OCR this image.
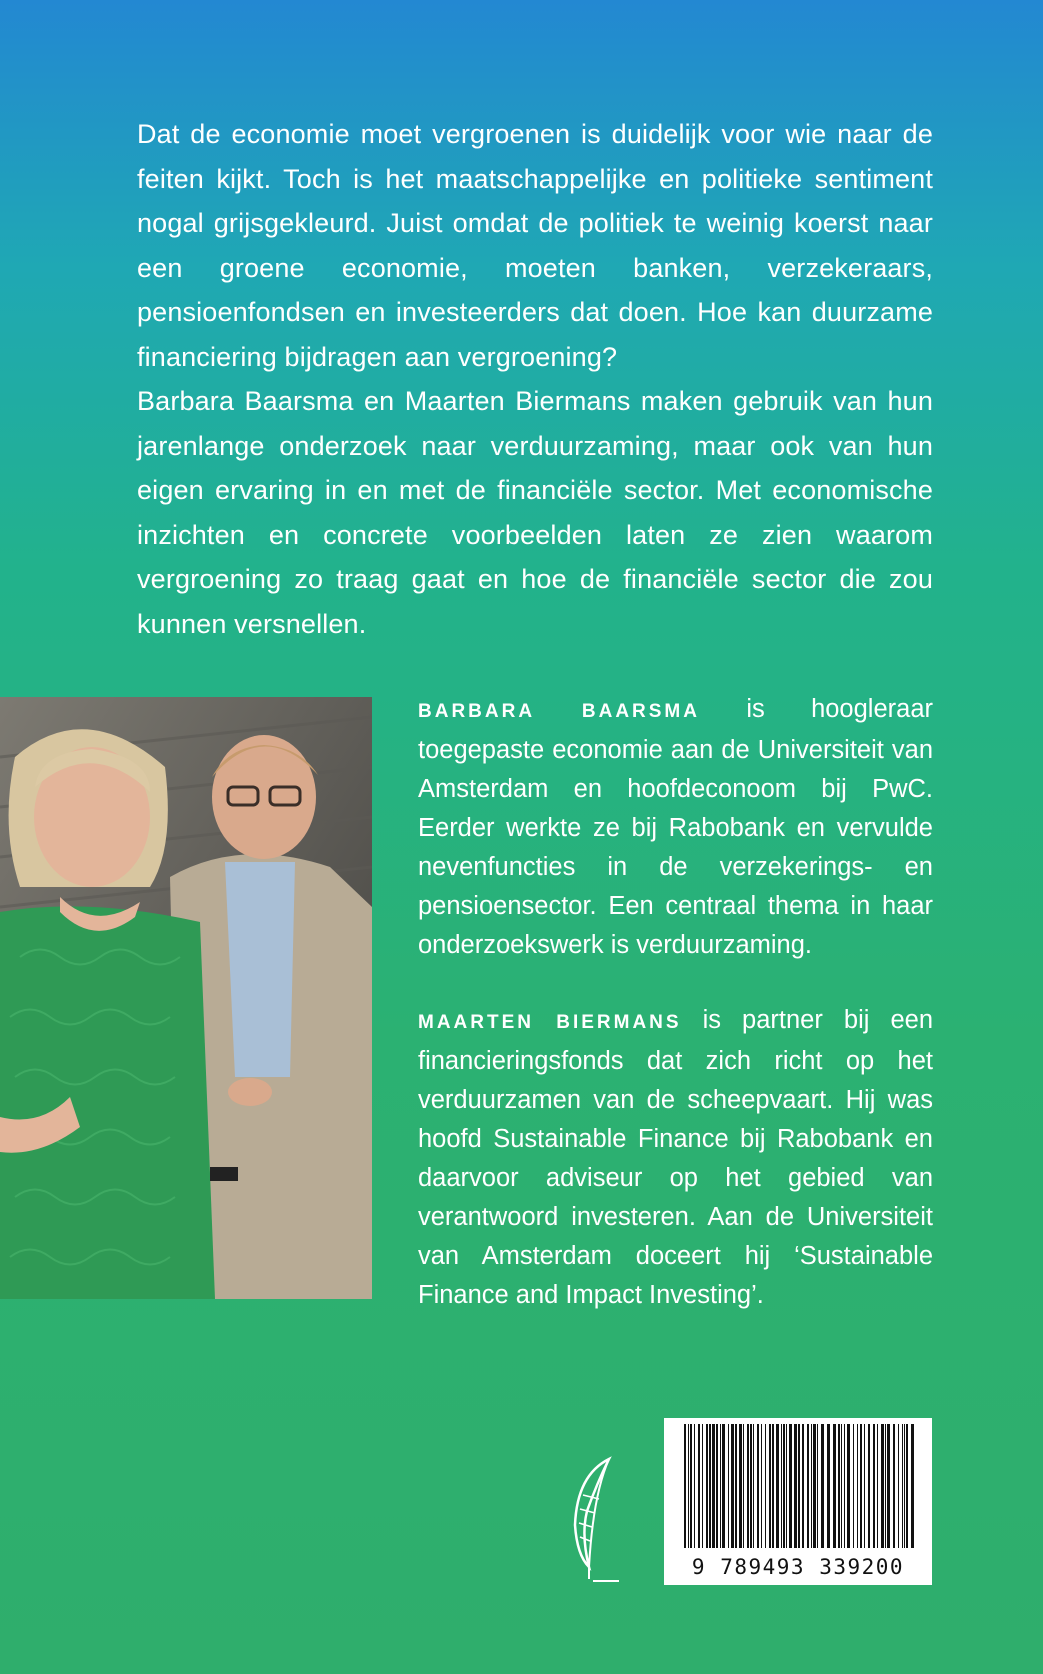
Dat de economie moet vergroenen is duidelijk voor wie naar de feiten kijkt. Toch is het maatschappelijke en politieke sentiment nogal grijsgekleurd. Juist omdat de politiek te weinig koerst naar een groene economie, moeten banken, verzekeraars, pensioenfondsen en investeerders dat doen. Hoe kan duurzame financiering bijdragen aan vergroening?

Barbara Baarsma en Maarten Biermans maken gebruik van hun jarenlange onderzoek naar verduurzaming, maar ook van hun eigen ervaring in en met de financiële sector. Met economische inzichten en concrete voorbeelden laten ze zien waarom vergroening zo traag gaat en hoe de financiële sector die zou kunnen versnellen.

BARBARA BAARSMA is hoogleraar toegepaste economie aan de Universiteit van Amsterdam en hoofdeconoom bij PwC. Eerder werkte ze bij Rabobank en vervulde nevenfuncties in de verzekerings- en pensioensector. Een centraal thema in haar onderzoekswerk is verduurzaming.

MAARTEN BIERMANS is partner bij een financieringsfonds dat zich richt op het verduurzamen van de scheepvaart. Hij was hoofd Sustainable Finance bij Rabobank en daarvoor adviseur op het gebied van verantwoord investeren. Aan de Universiteit van Amsterdam doceert hij ‘Sustainable Finance and Impact Investing’.

9 789493 339200
